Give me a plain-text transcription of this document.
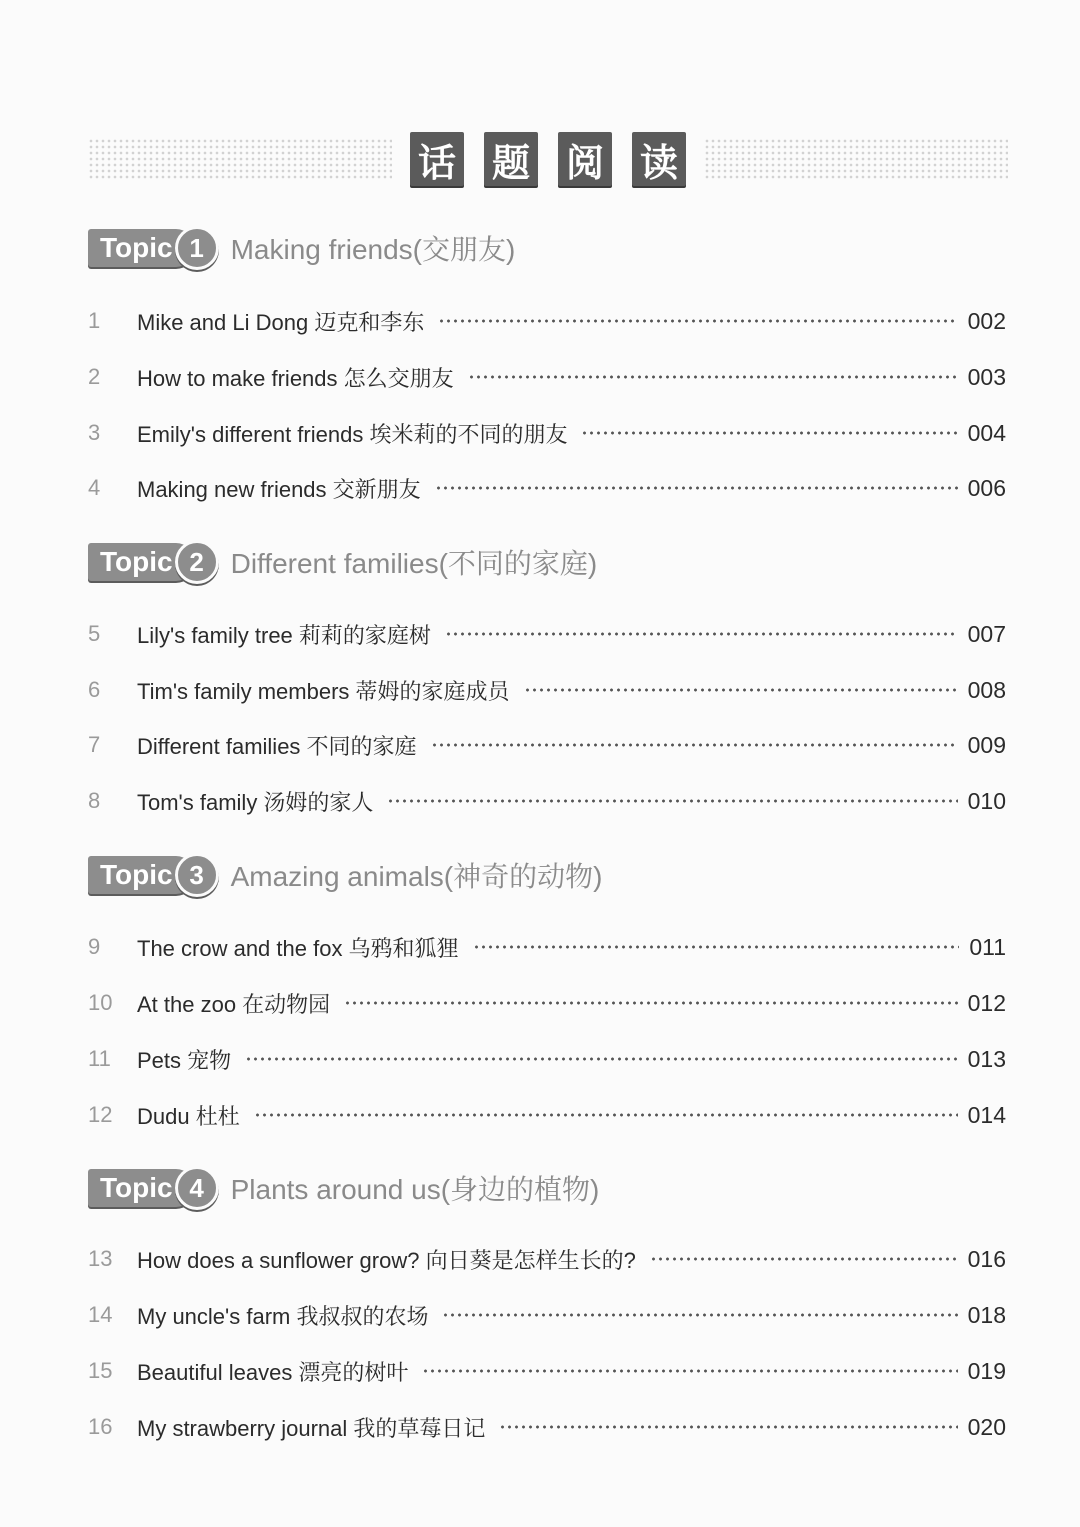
话 题 阅 读
Topic 1 Making friends(交朋友)
1	Mike and Li Dong 迈克和李东	002
2	How to make friends 怎么交朋友	003
3	Emily's different friends 埃米莉的不同的朋友	004
4	Making new friends 交新朋友	006
Topic 2 Different families(不同的家庭)
5	Lily's family tree 莉莉的家庭树	007
6	Tim's family members 蒂姆的家庭成员	008
7	Different families 不同的家庭	009
8	Tom's family 汤姆的家人	010
Topic 3 Amazing animals(神奇的动物)
9	The crow and the fox 乌鸦和狐狸	011
10	At the zoo 在动物园	012
11	Pets 宠物	013
12	Dudu 杜杜	014
Topic 4 Plants around us(身边的植物)
13	How does a sunflower grow? 向日葵是怎样生长的?	016
14	My uncle's farm 我叔叔的农场	018
15	Beautiful leaves 漂亮的树叶	019
16	My strawberry journal 我的草莓日记	020
